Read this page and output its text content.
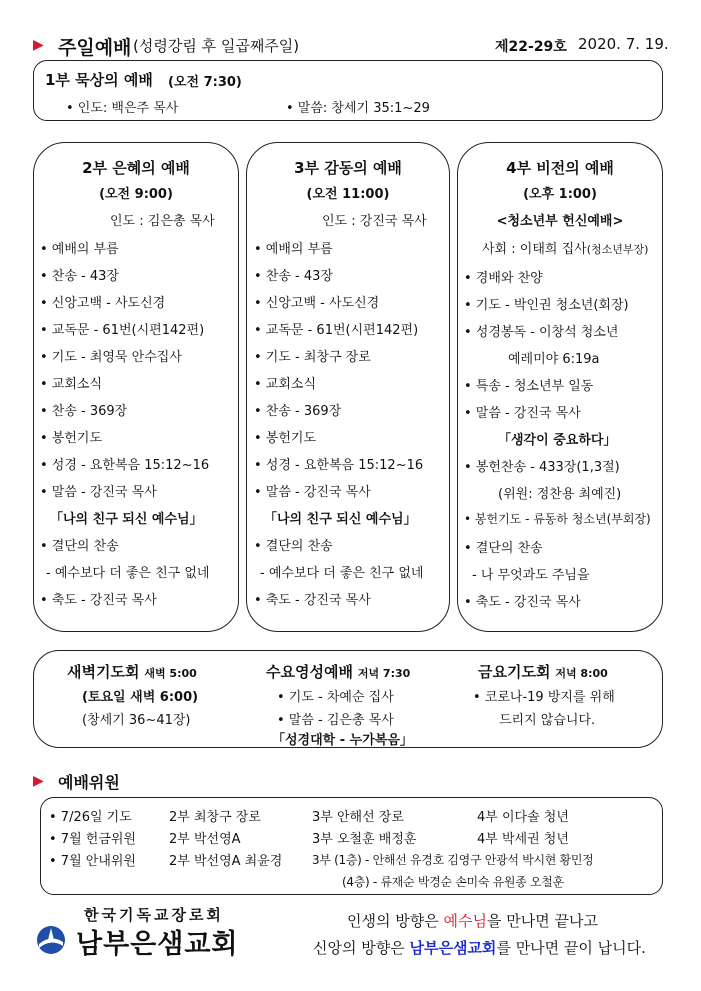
▶ 주일예배 (성령강림 후 일곱째주일)	제22-29호 2020. 7. 19.
1부 묵상의 예배 (오전 7:30)
• 인도: 백은주 목사	• 말씀: 창세기 35:1~29
2부 은혜의 예배
(오전 9:00)
인도 : 김은총 목사
• 예배의 부름
• 찬송 - 43장
• 신앙고백 - 사도신경
• 교독문 - 61번(시편142편)
• 기도 - 최영묵 안수집사
• 교회소식
• 찬송 - 369장
• 봉헌기도
• 성경 - 요한복음 15:12~16
• 말씀 - 강진국 목사
「나의 친구 되신 예수님」
• 결단의 찬송
- 예수보다 더 좋은 친구 없네
• 축도 - 강진국 목사
3부 감동의 예배
(오전 11:00)
인도 : 강진국 목사
• 예배의 부름
• 찬송 - 43장
• 신앙고백 - 사도신경
• 교독문 - 61번(시편142편)
• 기도 - 최창구 장로
• 교회소식
• 찬송 - 369장
• 봉헌기도
• 성경 - 요한복음 15:12~16
• 말씀 - 강진국 목사
「나의 친구 되신 예수님」
• 결단의 찬송
- 예수보다 더 좋은 친구 없네
• 축도 - 강진국 목사
4부 비전의 예배
(오후 1:00)
<청소년부 헌신예배>
사회 : 이태희 집사(청소년부장)
• 경배와 찬양
• 기도 - 박인권 청소년(회장)
• 성경봉독 - 이창석 청소년
예레미야 6:19a
• 특송 - 청소년부 일동
• 말씀 - 강진국 목사
「생각이 중요하다」
• 봉헌찬송 - 433장(1,3절)
(위원: 정찬용 최예진)
• 봉헌기도 - 류동하 청소년(부회장)
• 결단의 찬송
- 나 무엇과도 주님을
• 축도 - 강진국 목사
새벽기도회 새벽 5:00
(토요일 새벽 6:00)
(창세기 36~41장)
수요영성예배 저녁 7:30
• 기도 - 차예순 집사
• 말씀 - 김은총 목사
「성경대학 - 누가복음」
금요기도회 저녁 8:00
• 코로나-19 방지를 위해
드리지 않습니다.
▶ 예배위원
• 7/26일 기도	2부 최창구 장로	3부 안해선 장로	4부 이다솔 청년
• 7월 헌금위원	2부 박선영A	3부 오철훈 배정훈	4부 박세권 청년
• 7월 안내위원	2부 박선영A 최윤경 3부 (1층) - 안해선 유경호 김영구 안광석 박시현 황민정
(4층) - 류재순 박경순 손미숙 유원종 오철훈
한국기독교장로회
남부은샘교회
인생의 방향은 예수님을 만나면 끝나고
신앙의 방향은 남부은샘교회를 만나면 끝이 납니다.
